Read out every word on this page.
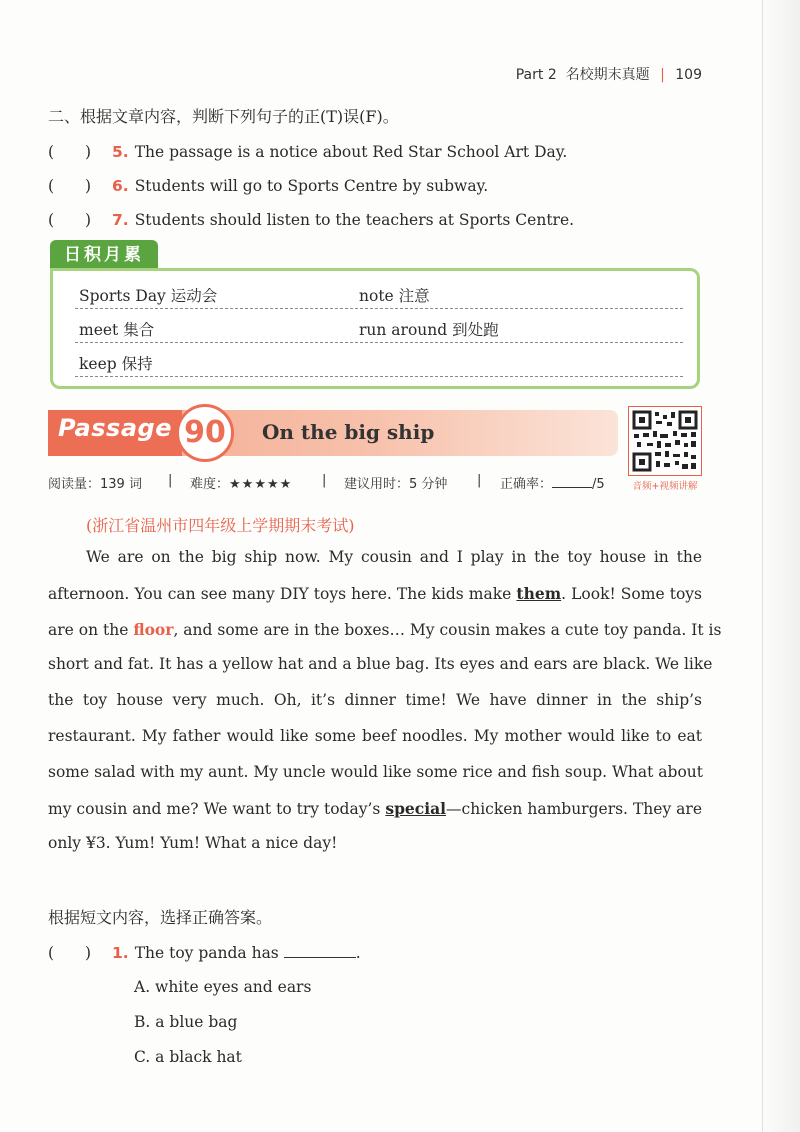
Part 2 名校期末真题 | 109
二、根据文章内容，判断下列句子的正(T)误(F)。
(　　) 5. The passage is a notice about Red Star School Art Day.
(　　) 6. Students will go to Sports Centre by subway.
(　　) 7. Students should listen to the teachers at Sports Centre.
日积月累
Sports Day 运动会	note 注意
meet 集合	run around 到处跑
keep 保持
Passage 90	On the big ship
音频+视频讲解
阅读量：139 词 | 难度：★★★★★ | 建议用时：5 分钟 | 正确率：	/5
(浙江省温州市四年级上学期期末考试)
We are on the big ship now. My cousin and I play in the toy house in the
afternoon. You can see many DIY toys here. The kids make them. Look! Some toys
are on the floor, and some are in the boxes… My cousin makes a cute toy panda. It is
short and fat. It has a yellow hat and a blue bag. Its eyes and ears are black. We like
the toy house very much. Oh, it’s dinner time! We have dinner in the ship’s
restaurant. My father would like some beef noodles. My mother would like to eat
some salad with my aunt. My uncle would like some rice and fish soup. What about
my cousin and me? We want to try today’s special—chicken hamburgers. They are
only ¥3. Yum! Yum! What a nice day!
根据短文内容，选择正确答案。
(　　) 1. The toy panda has	.
A. white eyes and ears
B. a blue bag
C. a black hat
